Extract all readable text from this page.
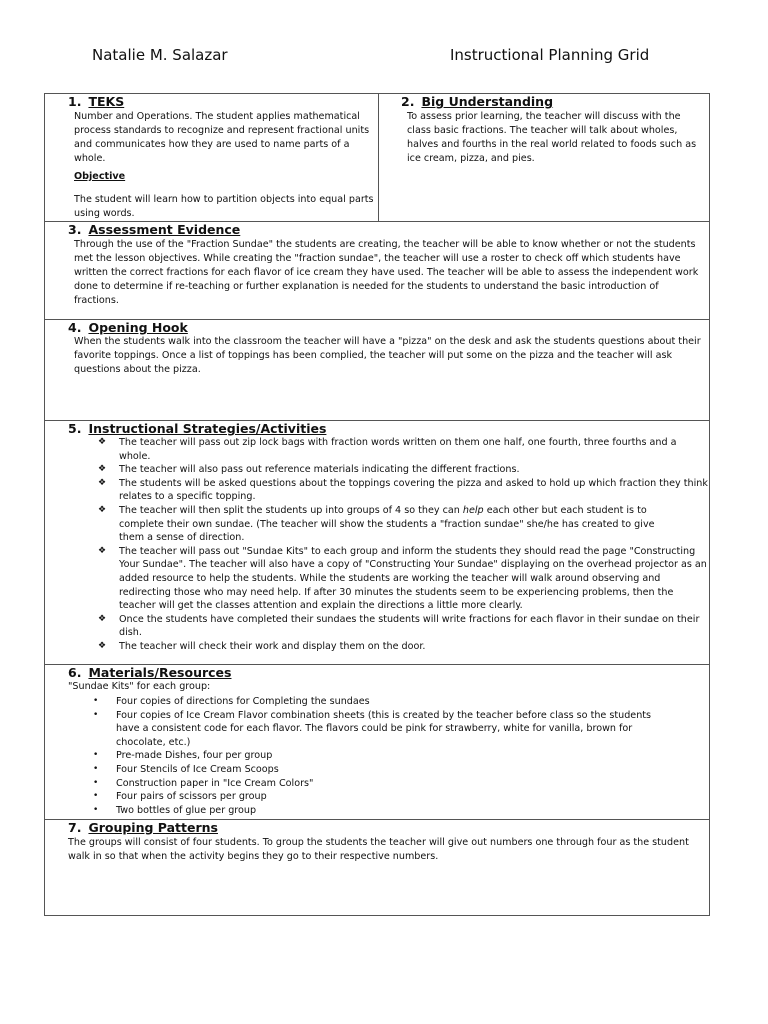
Natalie M. Salazar	Instructional Planning Grid
1. TEKS
Number and Operations. The student applies mathematical process standards to recognize and represent fractional units and communicates how they are used to name parts of a whole.
Objective
The student will learn how to partition objects into equal parts using words.
2. Big Understanding
To assess prior learning, the teacher will discuss with the class basic fractions. The teacher will talk about wholes, halves and fourths in the real world related to foods such as ice cream, pizza, and pies.
3. Assessment Evidence
Through the use of the "Fraction Sundae" the students are creating, the teacher will be able to know whether or not the students met the lesson objectives. While creating the "fraction sundae", the teacher will use a roster to check off which students have written the correct fractions for each flavor of ice cream they have used. The teacher will be able to assess the independent work done to determine if re-teaching or further explanation is needed for the students to understand the basic introduction of fractions.
4. Opening Hook
When the students walk into the classroom the teacher will have a "pizza" on the desk and ask the students questions about their favorite toppings. Once a list of toppings has been complied, the teacher will put some on the pizza and the teacher will ask questions about the pizza.
5. Instructional Strategies/Activities
❖ The teacher will pass out zip lock bags with fraction words written on them one half, one fourth, three fourths and a whole.
❖ The teacher will also pass out reference materials indicating the different fractions.
❖ The students will be asked questions about the toppings covering the pizza and asked to hold up which fraction they think relates to a specific topping.
❖ The teacher will then split the students up into groups of 4 so they can help each other but each student is to complete their own sundae. (The teacher will show the students a "fraction sundae" she/he has created to give them a sense of direction.
❖ The teacher will pass out "Sundae Kits" to each group and inform the students they should read the page "Constructing Your Sundae". The teacher will also have a copy of "Constructing Your Sundae" displaying on the overhead projector as an added resource to help the students. While the students are working the teacher will walk around observing and redirecting those who may need help. If after 30 minutes the students seem to be experiencing problems, then the teacher will get the classes attention and explain the directions a little more clearly.
❖ Once the students have completed their sundaes the students will write fractions for each flavor in their sundae on their dish.
❖ The teacher will check their work and display them on the door.
6. Materials/Resources
"Sundae Kits" for each group:
• Four copies of directions for Completing the sundaes
• Four copies of Ice Cream Flavor combination sheets (this is created by the teacher before class so the students have a consistent code for each flavor. The flavors could be pink for strawberry, white for vanilla, brown for chocolate, etc.)
• Pre-made Dishes, four per group
• Four Stencils of Ice Cream Scoops
• Construction paper in "Ice Cream Colors"
• Four pairs of scissors per group
• Two bottles of glue per group
7. Grouping Patterns
The groups will consist of four students. To group the students the teacher will give out numbers one through four as the student walk in so that when the activity begins they go to their respective numbers.
